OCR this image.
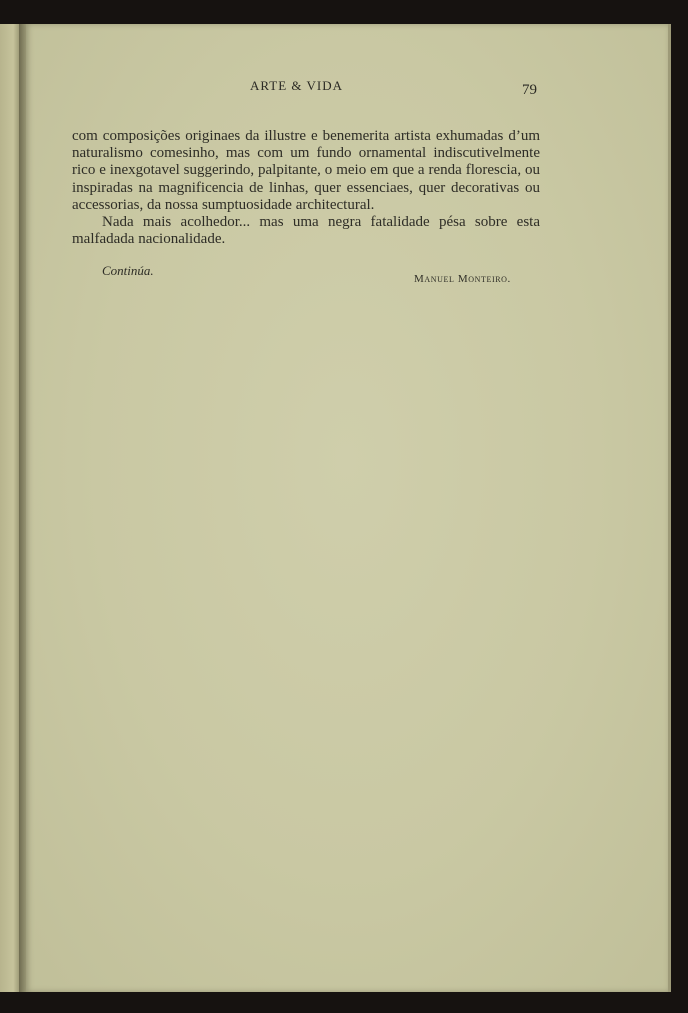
ARTE & VIDA	79

com composições originaes da illustre e benemerita artista exhumadas d’um naturalismo comesinho, mas com um fundo ornamental indiscutivelmente rico e inexgotavel suggerindo, palpitante, o meio em que a renda florescia, ou inspiradas na magnificencia de linhas, quer essenciaes, quer decorativas ou accessorias, da nossa sumptuosidade architectural.

Nada mais acolhedor... mas uma negra fatalidade pésa sobre esta malfadada nacionalidade.

Continúa.
Manuel Monteiro.
